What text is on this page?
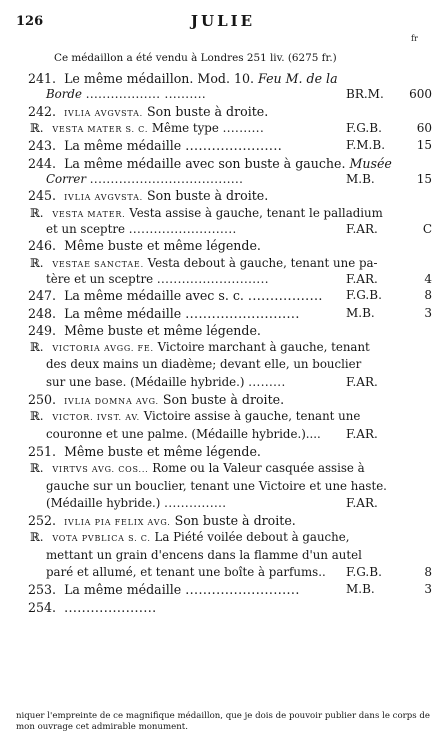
126	JULIE
fr
Ce médaillon a été vendu à Londres 251 liv. (6275 fr.)
241. Le même médaillon. Mod. 10. Feu M. de la
Borde .................. ..........	BR.M. 600
242. IVLIA AVGVSTA. Son buste à droite.
ℝ. VESTA MATER S. C. Même type ..........	F.G.B.	60
243. La même médaille ......................	F.M.B.	15
244. La même médaille avec son buste à gauche. Musée
Correr .....................................	M.B.	15
245. IVLIA AVGVSTA. Son buste à droite.
ℝ. VESTA MATER. Vesta assise à gauche, tenant le palladium
et un sceptre ..........................	F.AR.	C
246. Même buste et même légende.
ℝ. VESTAE SANCTAE. Vesta debout à gauche, tenant une pa-
tère et un sceptre ...........................	F.AR.	4
247. La même médaille avec s. c. ................. F.G.B.	8
248. La même médaille ..........................	M.B.	3
249. Même buste et même légende.
ℝ. VICTORIA AVGG. FE. Victoire marchant à gauche, tenant
des deux mains un diadème; devant elle, un bouclier
sur une base. (Médaille hybride.) .........	F.AR.
250. IVLIA DOMNA AVG. Son buste à droite.
ℝ. VICTOR. IVST. AV. Victoire assise à gauche, tenant une
couronne et une palme. (Médaille hybride.).... F.AR.
251. Même buste et même légende.
ℝ. VIRTVS AVG. COS... Rome ou la Valeur casquée assise à
gauche sur un bouclier, tenant une Victoire et une haste.
(Médaille hybride.) ...............	F.AR.
252. IVLIA PIA FELIX AVG. Son buste à droite.
ℝ. VOTA PVBLICA S. C. La Piété voilée debout à gauche,
mettant un grain d'encens dans la flamme d'un autel
paré et allumé, et tenant une boîte à parfums.. F.G.B.	8
253. La même médaille ..........................	M.B.	3
254. .....................
niquer l'empreinte de ce magnifique médaillon, que je dois de pouvoir publier dans le corps de mon ouvrage cet admirable monument.
